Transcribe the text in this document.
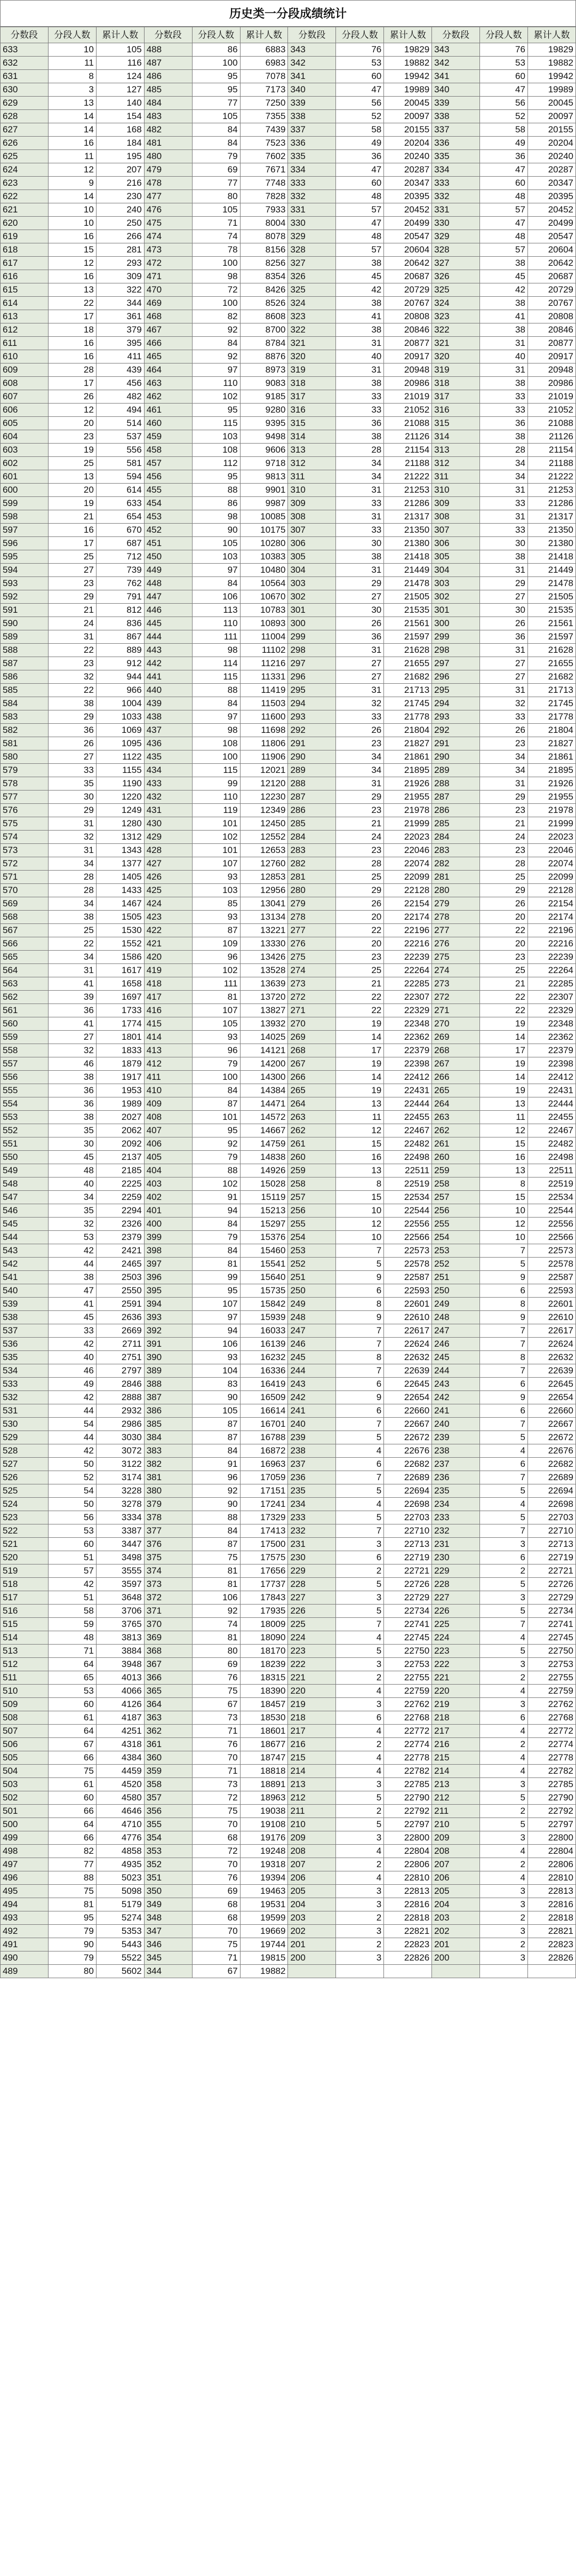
历史类一分段成绩统计
分数段	分段人数	累计人数	分数段	分段人数	累计人数	分数段	分段人数	累计人数	分数段	分段人数	累计人数
633	10	105	488	86	6883	343	76	19829	343	76	19829
632	11	116	487	100	6983	342	53	19882	342	53	19882
631	8	124	486	95	7078	341	60	19942	341	60	19942
630	3	127	485	95	7173	340	47	19989	340	47	19989
629	13	140	484	77	7250	339	56	20045	339	56	20045
628	14	154	483	105	7355	338	52	20097	338	52	20097
627	14	168	482	84	7439	337	58	20155	337	58	20155
626	16	184	481	84	7523	336	49	20204	336	49	20204
625	11	195	480	79	7602	335	36	20240	335	36	20240
624	12	207	479	69	7671	334	47	20287	334	47	20287
623	9	216	478	77	7748	333	60	20347	333	60	20347
622	14	230	477	80	7828	332	48	20395	332	48	20395
621	10	240	476	105	7933	331	57	20452	331	57	20452
620	10	250	475	71	8004	330	47	20499	330	47	20499
619	16	266	474	74	8078	329	48	20547	329	48	20547
618	15	281	473	78	8156	328	57	20604	328	57	20604
617	12	293	472	100	8256	327	38	20642	327	38	20642
616	16	309	471	98	8354	326	45	20687	326	45	20687
615	13	322	470	72	8426	325	42	20729	325	42	20729
614	22	344	469	100	8526	324	38	20767	324	38	20767
613	17	361	468	82	8608	323	41	20808	323	41	20808
612	18	379	467	92	8700	322	38	20846	322	38	20846
611	16	395	466	84	8784	321	31	20877	321	31	20877
610	16	411	465	92	8876	320	40	20917	320	40	20917
609	28	439	464	97	8973	319	31	20948	319	31	20948
608	17	456	463	110	9083	318	38	20986	318	38	20986
607	26	482	462	102	9185	317	33	21019	317	33	21019
606	12	494	461	95	9280	316	33	21052	316	33	21052
605	20	514	460	115	9395	315	36	21088	315	36	21088
604	23	537	459	103	9498	314	38	21126	314	38	21126
603	19	556	458	108	9606	313	28	21154	313	28	21154
602	25	581	457	112	9718	312	34	21188	312	34	21188
601	13	594	456	95	9813	311	34	21222	311	34	21222
600	20	614	455	88	9901	310	31	21253	310	31	21253
599	19	633	454	86	9987	309	33	21286	309	33	21286
598	21	654	453	98	10085	308	31	21317	308	31	21317
597	16	670	452	90	10175	307	33	21350	307	33	21350
596	17	687	451	105	10280	306	30	21380	306	30	21380
595	25	712	450	103	10383	305	38	21418	305	38	21418
594	27	739	449	97	10480	304	31	21449	304	31	21449
593	23	762	448	84	10564	303	29	21478	303	29	21478
592	29	791	447	106	10670	302	27	21505	302	27	21505
591	21	812	446	113	10783	301	30	21535	301	30	21535
590	24	836	445	110	10893	300	26	21561	300	26	21561
589	31	867	444	111	11004	299	36	21597	299	36	21597
588	22	889	443	98	11102	298	31	21628	298	31	21628
587	23	912	442	114	11216	297	27	21655	297	27	21655
586	32	944	441	115	11331	296	27	21682	296	27	21682
585	22	966	440	88	11419	295	31	21713	295	31	21713
584	38	1004	439	84	11503	294	32	21745	294	32	21745
583	29	1033	438	97	11600	293	33	21778	293	33	21778
582	36	1069	437	98	11698	292	26	21804	292	26	21804
581	26	1095	436	108	11806	291	23	21827	291	23	21827
580	27	1122	435	100	11906	290	34	21861	290	34	21861
579	33	1155	434	115	12021	289	34	21895	289	34	21895
578	35	1190	433	99	12120	288	31	21926	288	31	21926
577	30	1220	432	110	12230	287	29	21955	287	29	21955
576	29	1249	431	119	12349	286	23	21978	286	23	21978
575	31	1280	430	101	12450	285	21	21999	285	21	21999
574	32	1312	429	102	12552	284	24	22023	284	24	22023
573	31	1343	428	101	12653	283	23	22046	283	23	22046
572	34	1377	427	107	12760	282	28	22074	282	28	22074
571	28	1405	426	93	12853	281	25	22099	281	25	22099
570	28	1433	425	103	12956	280	29	22128	280	29	22128
569	34	1467	424	85	13041	279	26	22154	279	26	22154
568	38	1505	423	93	13134	278	20	22174	278	20	22174
567	25	1530	422	87	13221	277	22	22196	277	22	22196
566	22	1552	421	109	13330	276	20	22216	276	20	22216
565	34	1586	420	96	13426	275	23	22239	275	23	22239
564	31	1617	419	102	13528	274	25	22264	274	25	22264
563	41	1658	418	111	13639	273	21	22285	273	21	22285
562	39	1697	417	81	13720	272	22	22307	272	22	22307
561	36	1733	416	107	13827	271	22	22329	271	22	22329
560	41	1774	415	105	13932	270	19	22348	270	19	22348
559	27	1801	414	93	14025	269	14	22362	269	14	22362
558	32	1833	413	96	14121	268	17	22379	268	17	22379
557	46	1879	412	79	14200	267	19	22398	267	19	22398
556	38	1917	411	100	14300	266	14	22412	266	14	22412
555	36	1953	410	84	14384	265	19	22431	265	19	22431
554	36	1989	409	87	14471	264	13	22444	264	13	22444
553	38	2027	408	101	14572	263	11	22455	263	11	22455
552	35	2062	407	95	14667	262	12	22467	262	12	22467
551	30	2092	406	92	14759	261	15	22482	261	15	22482
550	45	2137	405	79	14838	260	16	22498	260	16	22498
549	48	2185	404	88	14926	259	13	22511	259	13	22511
548	40	2225	403	102	15028	258	8	22519	258	8	22519
547	34	2259	402	91	15119	257	15	22534	257	15	22534
546	35	2294	401	94	15213	256	10	22544	256	10	22544
545	32	2326	400	84	15297	255	12	22556	255	12	22556
544	53	2379	399	79	15376	254	10	22566	254	10	22566
543	42	2421	398	84	15460	253	7	22573	253	7	22573
542	44	2465	397	81	15541	252	5	22578	252	5	22578
541	38	2503	396	99	15640	251	9	22587	251	9	22587
540	47	2550	395	95	15735	250	6	22593	250	6	22593
539	41	2591	394	107	15842	249	8	22601	249	8	22601
538	45	2636	393	97	15939	248	9	22610	248	9	22610
537	33	2669	392	94	16033	247	7	22617	247	7	22617
536	42	2711	391	106	16139	246	7	22624	246	7	22624
535	40	2751	390	93	16232	245	8	22632	245	8	22632
534	46	2797	389	104	16336	244	7	22639	244	7	22639
533	49	2846	388	83	16419	243	6	22645	243	6	22645
532	42	2888	387	90	16509	242	9	22654	242	9	22654
531	44	2932	386	105	16614	241	6	22660	241	6	22660
530	54	2986	385	87	16701	240	7	22667	240	7	22667
529	44	3030	384	87	16788	239	5	22672	239	5	22672
528	42	3072	383	84	16872	238	4	22676	238	4	22676
527	50	3122	382	91	16963	237	6	22682	237	6	22682
526	52	3174	381	96	17059	236	7	22689	236	7	22689
525	54	3228	380	92	17151	235	5	22694	235	5	22694
524	50	3278	379	90	17241	234	4	22698	234	4	22698
523	56	3334	378	88	17329	233	5	22703	233	5	22703
522	53	3387	377	84	17413	232	7	22710	232	7	22710
521	60	3447	376	87	17500	231	3	22713	231	3	22713
520	51	3498	375	75	17575	230	6	22719	230	6	22719
519	57	3555	374	81	17656	229	2	22721	229	2	22721
518	42	3597	373	81	17737	228	5	22726	228	5	22726
517	51	3648	372	106	17843	227	3	22729	227	3	22729
516	58	3706	371	92	17935	226	5	22734	226	5	22734
515	59	3765	370	74	18009	225	7	22741	225	7	22741
514	48	3813	369	81	18090	224	4	22745	224	4	22745
513	71	3884	368	80	18170	223	5	22750	223	5	22750
512	64	3948	367	69	18239	222	3	22753	222	3	22753
511	65	4013	366	76	18315	221	2	22755	221	2	22755
510	53	4066	365	75	18390	220	4	22759	220	4	22759
509	60	4126	364	67	18457	219	3	22762	219	3	22762
508	61	4187	363	73	18530	218	6	22768	218	6	22768
507	64	4251	362	71	18601	217	4	22772	217	4	22772
506	67	4318	361	76	18677	216	2	22774	216	2	22774
505	66	4384	360	70	18747	215	4	22778	215	4	22778
504	75	4459	359	71	18818	214	4	22782	214	4	22782
503	61	4520	358	73	18891	213	3	22785	213	3	22785
502	60	4580	357	72	18963	212	5	22790	212	5	22790
501	66	4646	356	75	19038	211	2	22792	211	2	22792
500	64	4710	355	70	19108	210	5	22797	210	5	22797
499	66	4776	354	68	19176	209	3	22800	209	3	22800
498	82	4858	353	72	19248	208	4	22804	208	4	22804
497	77	4935	352	70	19318	207	2	22806	207	2	22806
496	88	5023	351	76	19394	206	4	22810	206	4	22810
495	75	5098	350	69	19463	205	3	22813	205	3	22813
494	81	5179	349	68	19531	204	3	22816	204	3	22816
493	95	5274	348	68	19599	203	2	22818	203	2	22818
492	79	5353	347	70	19669	202	3	22821	202	3	22821
491	90	5443	346	75	19744	201	2	22823	201	2	22823
490	79	5522	345	71	19815	200	3	22826	200	3	22826
489	80	5602	344	67	19882						
